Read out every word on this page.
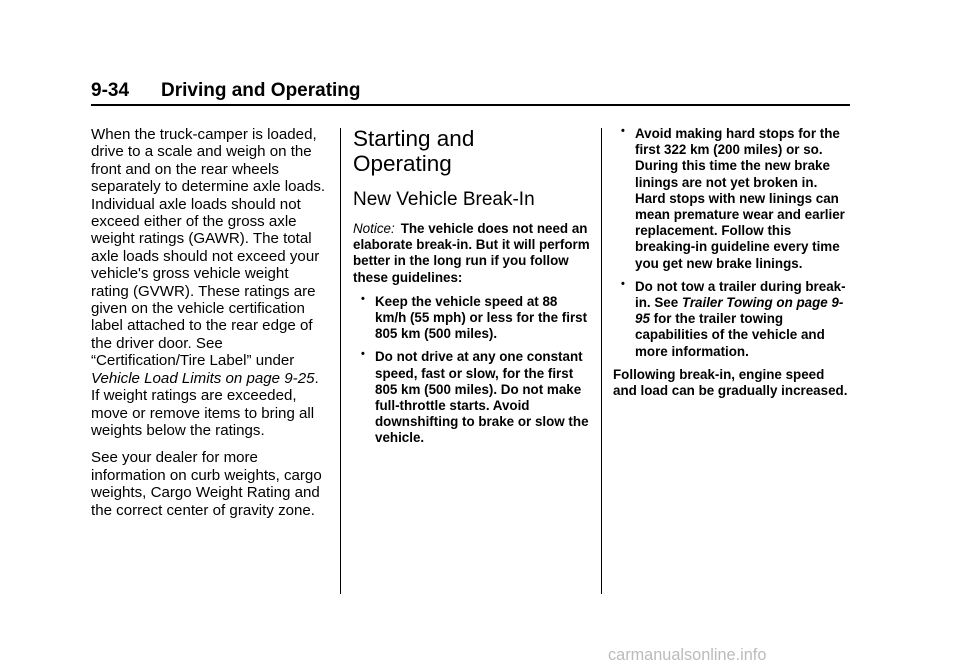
9-34 Driving and Operating

When the truck-camper is loaded, drive to a scale and weigh on the front and on the rear wheels separately to determine axle loads. Individual axle loads should not exceed either of the gross axle weight ratings (GAWR). The total axle loads should not exceed your vehicle's gross vehicle weight rating (GVWR). These ratings are given on the vehicle certification label attached to the rear edge of the driver door. See “Certification/Tire Label” under Vehicle Load Limits on page 9-25. If weight ratings are exceeded, move or remove items to bring all weights below the ratings.

See your dealer for more information on curb weights, cargo weights, Cargo Weight Rating and the correct center of gravity zone.

Starting and
Operating
New Vehicle Break-In

Notice: The vehicle does not need an elaborate break-in. But it will perform better in the long run if you follow these guidelines:

• Keep the vehicle speed at 88 km/h (55 mph) or less for the first 805 km (500 miles).
• Do not drive at any one constant speed, fast or slow, for the first 805 km (500 miles). Do not make full-throttle starts. Avoid downshifting to brake or slow the vehicle.
• Avoid making hard stops for the first 322 km (200 miles) or so. During this time the new brake linings are not yet broken in. Hard stops with new linings can mean premature wear and earlier replacement. Follow this breaking-in guideline every time you get new brake linings.
• Do not tow a trailer during break-in. See Trailer Towing on page 9-95 for the trailer towing capabilities of the vehicle and more information.

Following break-in, engine speed and load can be gradually increased.

carmanualsonline.info
